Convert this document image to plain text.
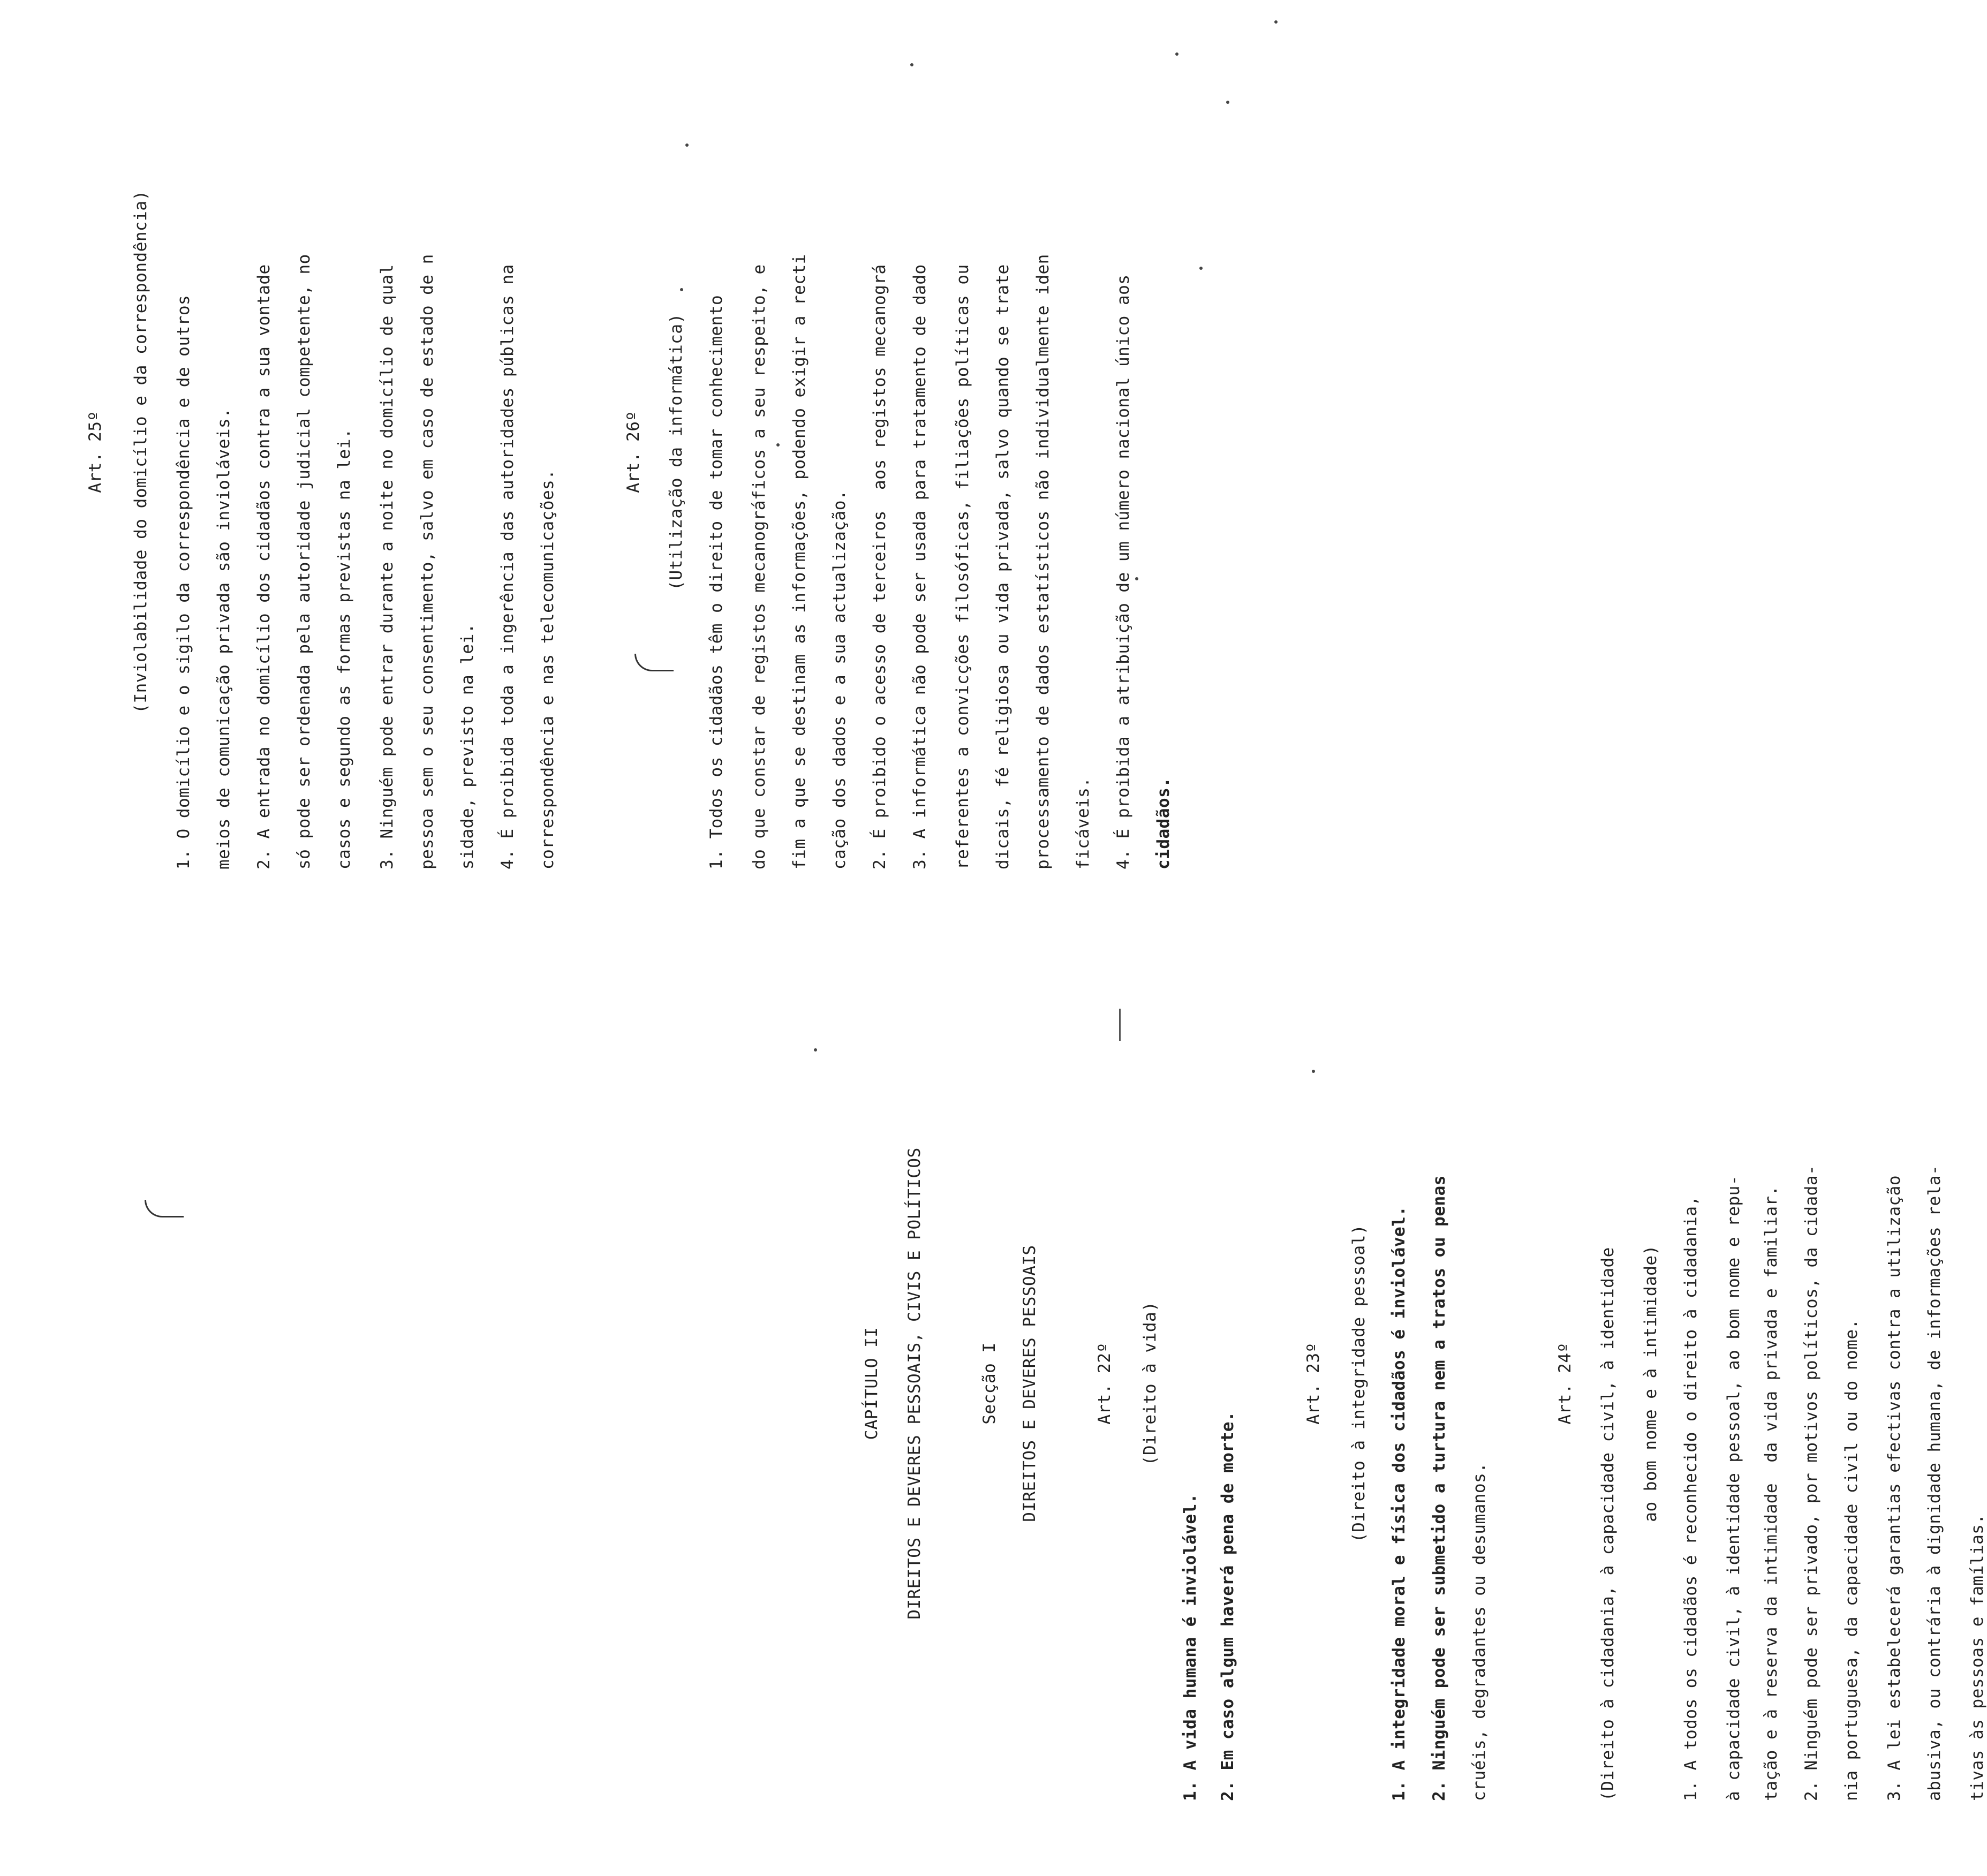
CAPÍTULO II DIREITOS E DEVERES PESSOAIS, CIVIS E POLÍTICOS	Secção I DIREITOS E DEVERES PESSOAIS	Art. 22º (Direito à vida)

1. A vida humana é inviolável. 2. Em caso algum haverá pena de morte.

Art. 23º (Direito à integridade pessoal) 1. A integridade moral e física dos cidadãos é inviolável. 2. Ninguém pode ser submetido a turtura nem a tratos ou penas cruéis, degradantes ou desumanos.

Art. 24º (Direito à cidadania, à capacidade civil, à identidade ao bom nome e à intimidade) 1. A todos os cidadãos é reconhecido o direito à cidadania, à capacidade civil, à identidade pessoal, ao bom nome e repu- tação e à reserva da intimidade  da vida privada e familiar. 2. Ninguém pode ser privado, por motivos políticos, da cidada- nia portuguesa, da capacidade civil ou do nome. 3. A lei estabelecerá garantias efectivas contra a utilização abusiva, ou contrária à dignidade humana, de informações rela- tivas às pessoas e famílias.

Art. 25º (Inviolabilidade do domicílio e da correspondência) 1. O domicílio e o sigilo da correspondência e de outros meios de comunicação privada são invioláveis. 2. A entrada no domicílio dos cidadãos contra a sua vontade só pode ser ordenada pela autoridade judicial competente, no casos e segundo as formas previstas na lei. 3. Ninguém pode entrar durante a noite no domicílio de qual pessoa sem o seu consentimento, salvo em caso de estado de n sidade, previsto na lei. 4. É proibida toda a ingerência das autoridades públicas na correspondência e nas telecomunicações.

Art. 26º (Utilização da informática) 1. Todos os cidadãos têm o direito de tomar conhecimento do que constar de registos mecanográficos a seu respeito, e fim a que se destinam as informações, podendo exigir a recti cação dos dados e a sua actualização. 2. É proibido o acesso de terceiros  aos registos mecanográ 3. A informática não pode ser usada para tratamento de dado referentes a convicções filosóficas, filiações políticas ou dicais, fé religiosa ou vida privada, salvo quando se trate processamento de dados estatísticos não individualmente iden ficáveis. 4. É proibida a atribuição de um número nacional único aos cidadãos.
